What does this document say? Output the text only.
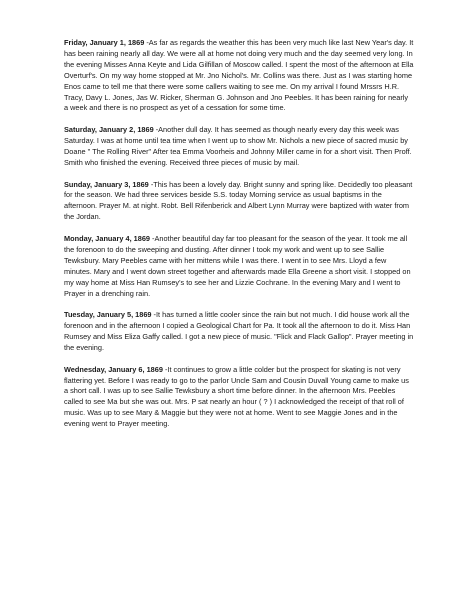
Friday, January 1, 1869 -As far as regards the weather this has been very much like last New Year's day. It has been raining nearly all day. We were all at home not doing very much and the day seemed very long. In the evening Misses Anna Keyte and Lida Gilfillan of Moscow called. I spent the most of the afternoon at Ella Overturf's. On my way home stopped at Mr. Jno Nichol's. Mr. Collins was there. Just as I was starting home Enos came to tell me that there were some callers waiting to see me. On my arrival I found Mrssrs H.R. Tracy, Davy L. Jones, Jas W. Ricker, Sherman G. Johnson and Jno Peebles. It has been raining for nearly a week and there is no prospect as yet of a cessation for some time.

Saturday, January 2, 1869 -Another dull day. It has seemed as though nearly every day this week was Saturday. I was at home until tea time when I went up to show Mr. Nichols a new piece of sacred music by Doane " The Rolling River" After tea Emma Voorheis and Johnny Miller came in for a short visit. Then Proff. Smith who finished the evening. Received three pieces of music by mail.

Sunday, January 3, 1869 -This has been a lovely day. Bright sunny and spring like. Decidedly too pleasant for the season. We had three services beside S.S. today Morning service as usual baptisms in the afternoon. Prayer M. at night. Robt. Bell Rifenberick and Albert Lynn Murray were baptized with water from the Jordan.

Monday, January 4, 1869 -Another beautiful day far too pleasant for the season of the year. It took me all the forenoon to do the sweeping and dusting. After dinner I took my work and went up to see Sallie Tewksbury. Mary Peebles came with her mittens while I was there. I went in to see Mrs. Lloyd a few minutes. Mary and I went down street together and afterwards made Ella Greene a short visit. I stopped on my way home at Miss Han Rumsey's to see her and Lizzie Cochrane. In the evening Mary and I went to Prayer in a drenching rain.

Tuesday, January 5, 1869 -It has turned a little cooler since the rain but not much. I did house work all the forenoon and in the afternoon I copied a Geological Chart for Pa. It took all the afternoon to do it. Miss Han Rumsey and Miss Eliza Gaffy called. I got a new piece of music. "Flick and Flack Gallop". Prayer meeting in the evening.

Wednesday, January 6, 1869 -It continues to grow a little colder but the prospect for skating is not very flattering yet. Before I was ready to go to the parlor Uncle Sam and Cousin Duvall Young came to make us a short call. I was up to see Sallie Tewksbury a short time before dinner. In the afternoon Mrs. Peebles called to see Ma but she was out. Mrs. P sat nearly an hour ( ? ) I acknowledged the receipt of that roll of music. Was up to see Mary & Maggie but they were not at home. Went to see Maggie Jones and in the evening went to Prayer meeting.
